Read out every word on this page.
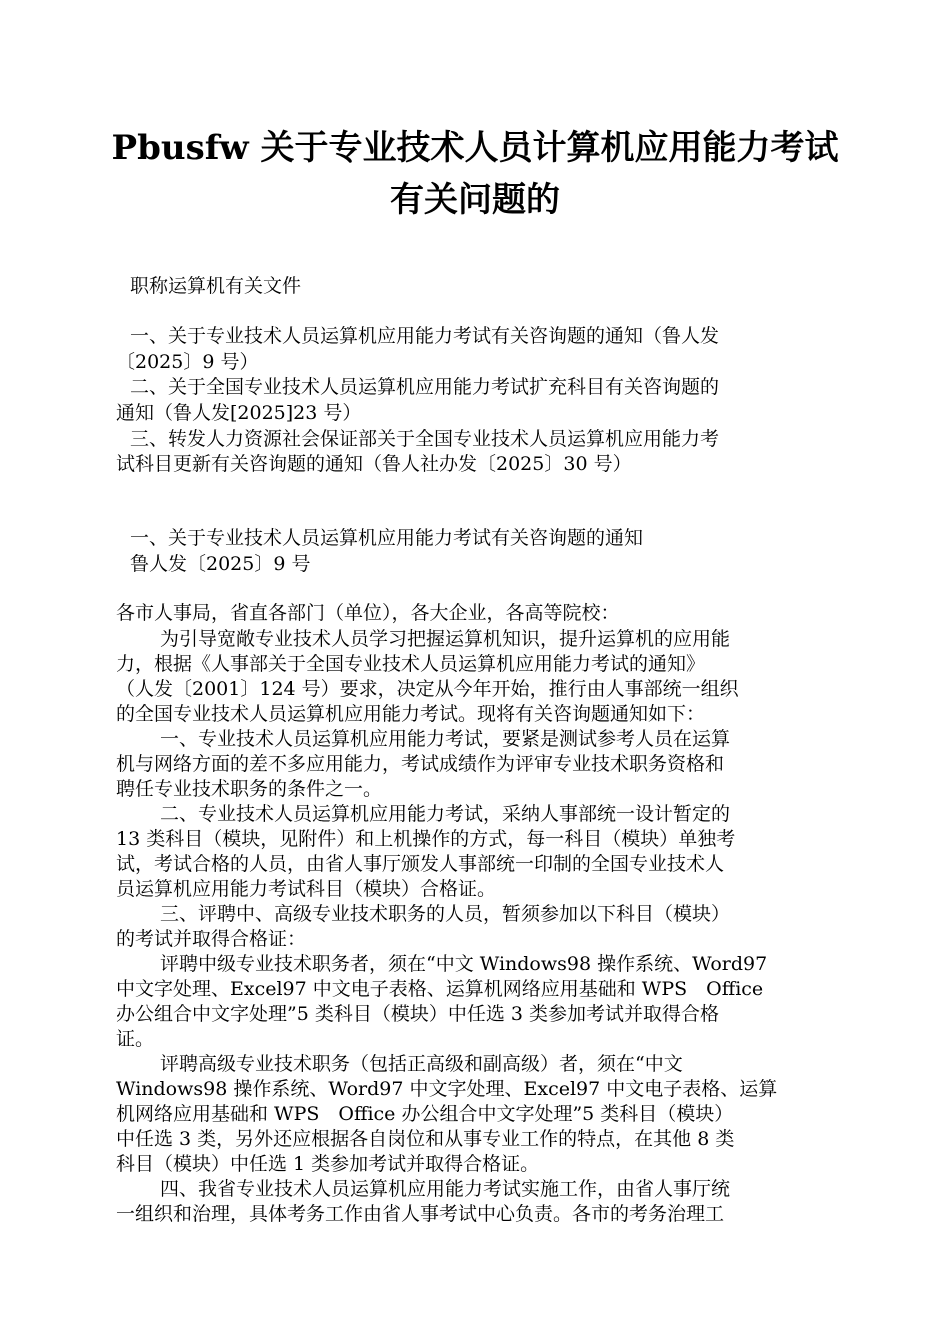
Pbusfw 关于专业技术人员计算机应用能力考试
有关问题的
职称运算机有关文件
一、关于专业技术人员运算机应用能力考试有关咨询题的通知（鲁人发
〔2025〕9 号）
二、关于全国专业技术人员运算机应用能力考试扩充科目有关咨询题的
通知（鲁人发[2025]23 号）
三、转发人力资源社会保证部关于全国专业技术人员运算机应用能力考
试科目更新有关咨询题的通知（鲁人社办发〔2025〕30 号）
一、关于专业技术人员运算机应用能力考试有关咨询题的通知
鲁人发〔2025〕9 号
各市人事局，省直各部门（单位），各大企业，各高等院校：
为引导宽敞专业技术人员学习把握运算机知识，提升运算机的应用能
力，根据《人事部关于全国专业技术人员运算机应用能力考试的通知》
（人发〔2001〕124 号）要求，决定从今年开始，推行由人事部统一组织
的全国专业技术人员运算机应用能力考试。现将有关咨询题通知如下：
一、专业技术人员运算机应用能力考试，要紧是测试参考人员在运算
机与网络方面的差不多应用能力，考试成绩作为评审专业技术职务资格和
聘任专业技术职务的条件之一。
二、专业技术人员运算机应用能力考试，采纳人事部统一设计暂定的
13 类科目（模块，见附件）和上机操作的方式，每一科目（模块）单独考
试，考试合格的人员，由省人事厅颁发人事部统一印制的全国专业技术人
员运算机应用能力考试科目（模块）合格证。
三、评聘中、高级专业技术职务的人员，暂须参加以下科目（模块）
的考试并取得合格证：
评聘中级专业技术职务者，须在“中文 Windows98 操作系统、Word97
中文字处理、Excel97 中文电子表格、运算机网络应用基础和 WPS　Office
办公组合中文字处理”5 类科目（模块）中任选 3 类参加考试并取得合格
证。
评聘高级专业技术职务（包括正高级和副高级）者，须在“中文
Windows98 操作系统、Word97 中文字处理、Excel97 中文电子表格、运算
机网络应用基础和 WPS　Office 办公组合中文字处理”5 类科目（模块）
中任选 3 类，另外还应根据各自岗位和从事专业工作的特点，在其他 8 类
科目（模块）中任选 1 类参加考试并取得合格证。
四、我省专业技术人员运算机应用能力考试实施工作，由省人事厅统
一组织和治理，具体考务工作由省人事考试中心负责。各市的考务治理工
